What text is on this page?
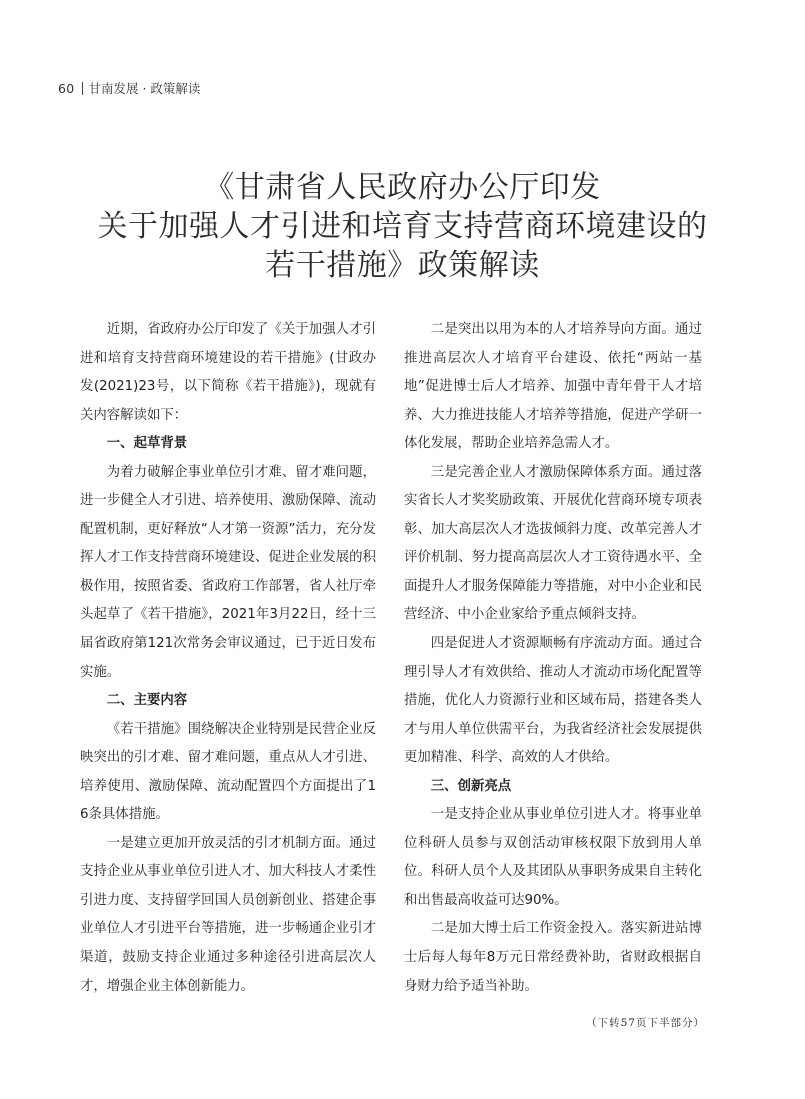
60 甘南发展 · 政策解读
《甘肃省人民政府办公厅印发
关于加强人才引进和培育支持营商环境建设的
若干措施》政策解读

近期，省政府办公厅印发了《关于加强人才引进和培育支持营商环境建设的若干措施》(甘政办发(2021)23号，以下简称《若干措施》)，现就有关内容解读如下：

一、起草背景

为着力破解企事业单位引才难、留才难问题，进一步健全人才引进、培养使用、激励保障、流动配置机制，更好释放“人才第一资源”活力，充分发挥人才工作支持营商环境建设、促进企业发展的积极作用，按照省委、省政府工作部署，省人社厅牵头起草了《若干措施》，2021年3月22日，经十三届省政府第121次常务会审议通过，已于近日发布实施。

二、主要内容

《若干措施》围绕解决企业特别是民营企业反映突出的引才难、留才难问题，重点从人才引进、培养使用、激励保障、流动配置四个方面提出了16条具体措施。

一是建立更加开放灵活的引才机制方面。通过支持企业从事业单位引进人才、加大科技人才柔性引进力度、支持留学回国人员创新创业、搭建企事业单位人才引进平台等措施，进一步畅通企业引才渠道，鼓励支持企业通过多种途径引进高层次人才，增强企业主体创新能力。

二是突出以用为本的人才培养导向方面。通过推进高层次人才培育平台建设、依托“两站一基地”促进博士后人才培养、加强中青年骨干人才培养、大力推进技能人才培养等措施，促进产学研一体化发展，帮助企业培养急需人才。

三是完善企业人才激励保障体系方面。通过落实省长人才奖奖励政策、开展优化营商环境专项表彰、加大高层次人才选拔倾斜力度、改革完善人才评价机制、努力提高高层次人才工资待遇水平、全面提升人才服务保障能力等措施，对中小企业和民营经济、中小企业家给予重点倾斜支持。

四是促进人才资源顺畅有序流动方面。通过合理引导人才有效供给、推动人才流动市场化配置等措施，优化人力资源行业和区域布局，搭建各类人才与用人单位供需平台，为我省经济社会发展提供更加精准、科学、高效的人才供给。

三、创新亮点

一是支持企业从事业单位引进人才。将事业单位科研人员参与双创活动审核权限下放到用人单位。科研人员个人及其团队从事职务成果自主转化和出售最高收益可达90%。

二是加大博士后工作资金投入。落实新进站博士后每人每年8万元日常经费补助，省财政根据自身财力给予适当补助。

（下转57页下半部分）
